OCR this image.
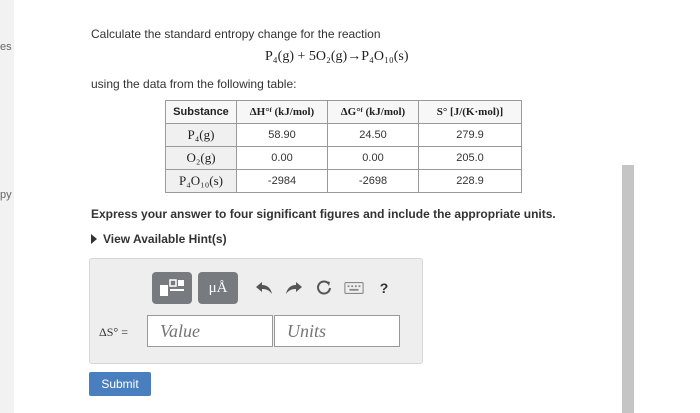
es
py
Calculate the standard entropy change for the reaction
P₄(g) + 5O₂(g)→P₄O₁₀(s)
using the data from the following table:
Substance	ΔH°ᶠ (kJ/mol)	ΔG°ᶠ (kJ/mol)	S° [J/(K·mol)]
P₄(g)	58.90	24.50	279.9
O₂(g)	0.00	0.00	205.0
P₄O₁₀(s)	-2984	-2698	228.9
Express your answer to four significant figures and include the appropriate units.
View Available Hint(s)
μÅ	?
ΔS° =
Value
Units
Submit
